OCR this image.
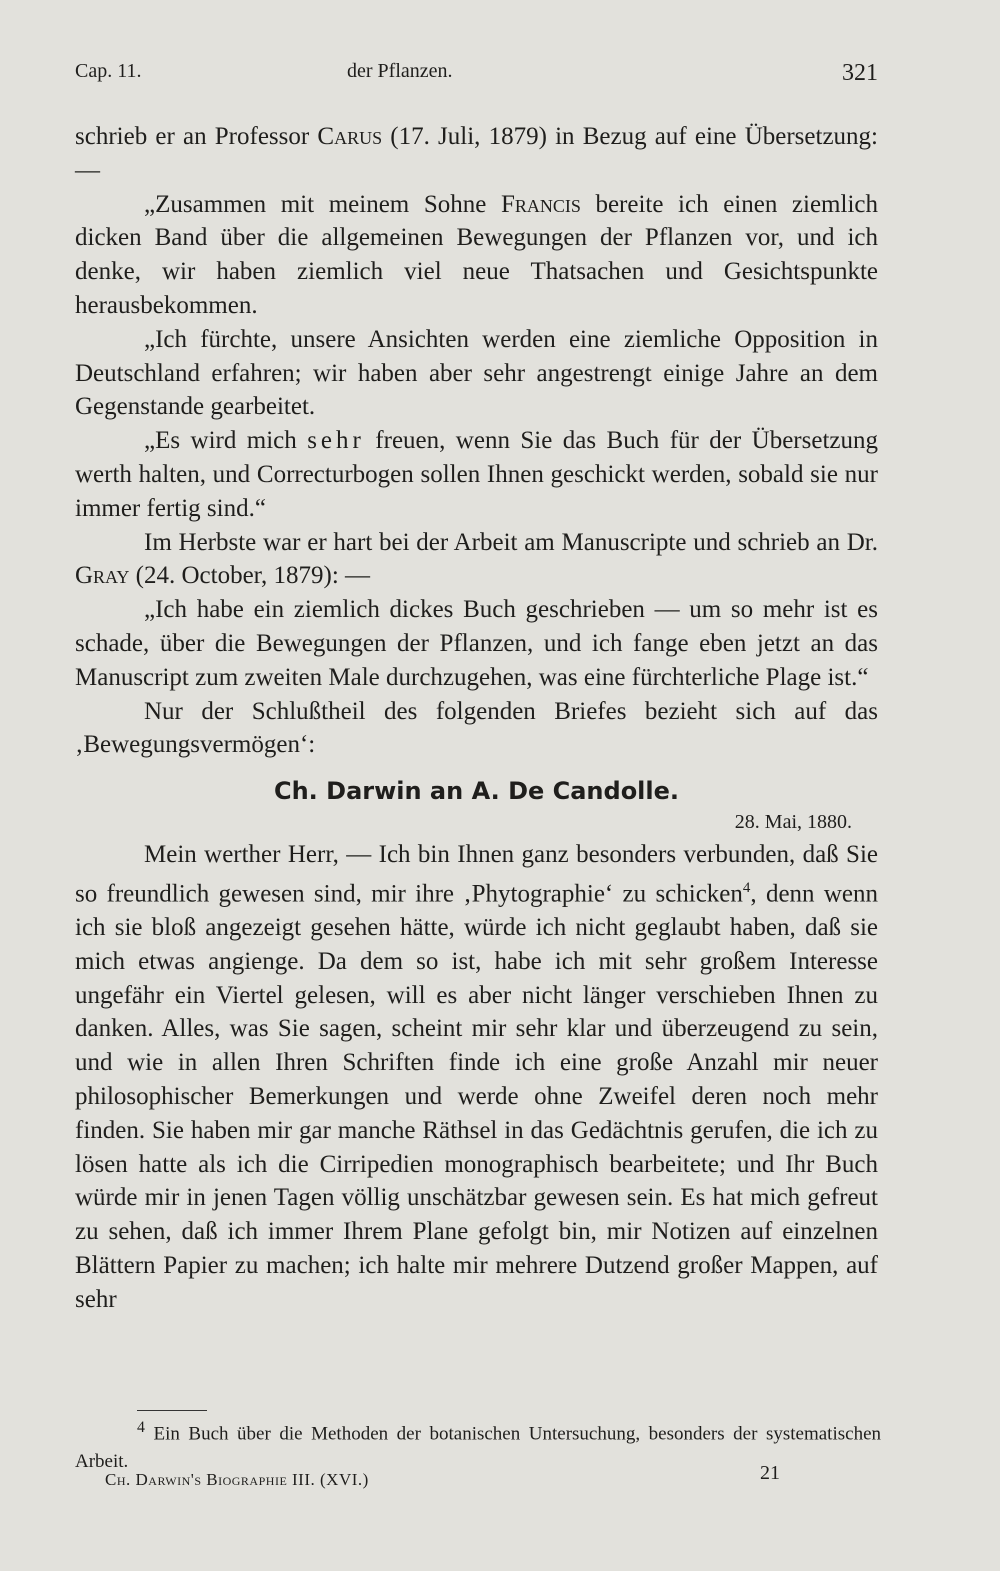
Cap. 11.	der Pflanzen.	321

schrieb er an Professor Carus (17. Juli, 1879) in Bezug auf eine Übersetzung: —

„Zusammen mit meinem Sohne Francis bereite ich einen ziemlich dicken Band über die allgemeinen Bewegungen der Pflanzen vor, und ich denke, wir haben ziemlich viel neue Thatsachen und Gesichtspunkte herausbekommen.

„Ich fürchte, unsere Ansichten werden eine ziemliche Opposition in Deutschland erfahren; wir haben aber sehr angestrengt einige Jahre an dem Gegenstande gearbeitet.

„Es wird mich sehr freuen, wenn Sie das Buch für der Übersetzung werth halten, und Correcturbogen sollen Ihnen geschickt werden, sobald sie nur immer fertig sind.“

Im Herbste war er hart bei der Arbeit am Manuscripte und schrieb an Dr. Gray (24. October, 1879): —

„Ich habe ein ziemlich dickes Buch geschrieben — um so mehr ist es schade, über die Bewegungen der Pflanzen, und ich fange eben jetzt an das Manuscript zum zweiten Male durchzugehen, was eine fürchterliche Plage ist.“

Nur der Schlußtheil des folgenden Briefes bezieht sich auf das ‚Bewegungsvermögen‘:

Ch. Darwin an A. De Candolle.
28. Mai, 1880.

Mein werther Herr, — Ich bin Ihnen ganz besonders verbunden, daß Sie so freundlich gewesen sind, mir ihre ‚Phytographie‘ zu schicken$^4$, denn wenn ich sie bloß angezeigt gesehen hätte, würde ich nicht geglaubt haben, daß sie mich etwas angienge. Da dem so ist, habe ich mit sehr großem Interesse ungefähr ein Viertel gelesen, will es aber nicht länger verschieben Ihnen zu danken. Alles, was Sie sagen, scheint mir sehr klar und überzeugend zu sein, und wie in allen Ihren Schriften finde ich eine große Anzahl mir neuer philosophischer Bemerkungen und werde ohne Zweifel deren noch mehr finden. Sie haben mir gar manche Räthsel in das Gedächtnis gerufen, die ich zu lösen hatte als ich die Cirripedien monographisch bearbeitete; und Ihr Buch würde mir in jenen Tagen völlig unschätzbar gewesen sein. Es hat mich gefreut zu sehen, daß ich immer Ihrem Plane gefolgt bin, mir Notizen auf einzelnen Blättern Papier zu machen; ich halte mir mehrere Dutzend großer Mappen, auf sehr

$^4$ Ein Buch über die Methoden der botanischen Untersuchung, besonders der systematischen Arbeit.
Ch. Darwin's Biographie III. (XVI.)	21
